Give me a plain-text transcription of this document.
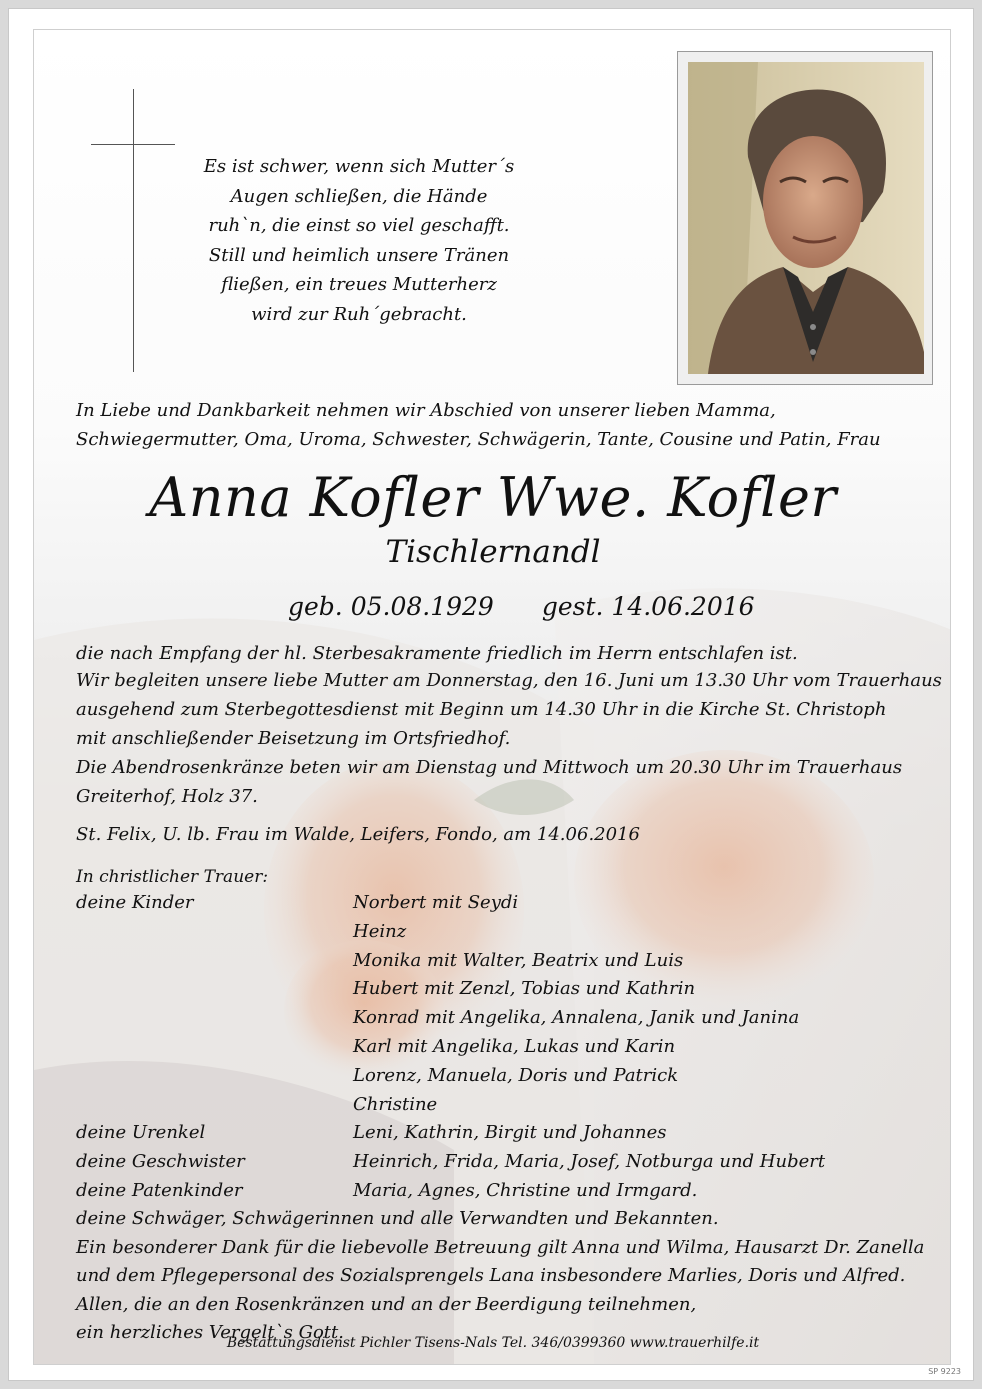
Es ist schwer, wenn sich Mutter´s
Augen schließen, die Hände
ruh`n, die einst so viel geschafft.
Still und heimlich unsere Tränen
fließen, ein treues Mutterherz
wird zur Ruh´gebracht.
In Liebe und Dankbarkeit nehmen wir Abschied von unserer lieben Mamma,
Schwiegermutter, Oma, Uroma, Schwester, Schwägerin, Tante, Cousine und Patin, Frau
Anna Kofler Wwe. Kofler
Tischlernandl
geb. 05.08.1929 gest. 14.06.2016
die nach Empfang der hl. Sterbesakramente friedlich im Herrn entschlafen ist.
Wir begleiten unsere liebe Mutter am Donnerstag, den 16. Juni um 13.30 Uhr vom Trauerhaus
ausgehend zum Sterbegottesdienst mit Beginn um 14.30 Uhr in die Kirche St. Christoph
mit anschließender Beisetzung im Ortsfriedhof.
Die Abendrosenkränze beten wir am Dienstag und Mittwoch um 20.30 Uhr im Trauerhaus
Greiterhof, Holz 37.
St. Felix, U. lb. Frau im Walde, Leifers, Fondo, am 14.06.2016
In christlicher Trauer:
deine Kinder

deine Urenkel
deine Geschwister
deine Patenkinder
Norbert mit Seydi
Heinz
Monika mit Walter, Beatrix und Luis
Hubert mit Zenzl, Tobias und Kathrin
Konrad mit Angelika, Annalena, Janik und Janina
Karl mit Angelika, Lukas und Karin
Lorenz, Manuela, Doris und Patrick
Christine
Leni, Kathrin, Birgit und Johannes
Heinrich, Frida, Maria, Josef, Notburga und Hubert
Maria, Agnes, Christine und Irmgard.
deine Schwäger, Schwägerinnen und alle Verwandten und Bekannten.
Ein besonderer Dank für die liebevolle Betreuung gilt Anna und Wilma, Hausarzt Dr. Zanella
und dem Pflegepersonal des Sozialsprengels Lana insbesondere Marlies, Doris und Alfred.
Allen, die an den Rosenkränzen und an der Beerdigung teilnehmen,
ein herzliches Vergelt`s Gott.
Bestattungsdienst Pichler Tisens-Nals Tel. 346/0399360 www.trauerhilfe.it
SP 9223
